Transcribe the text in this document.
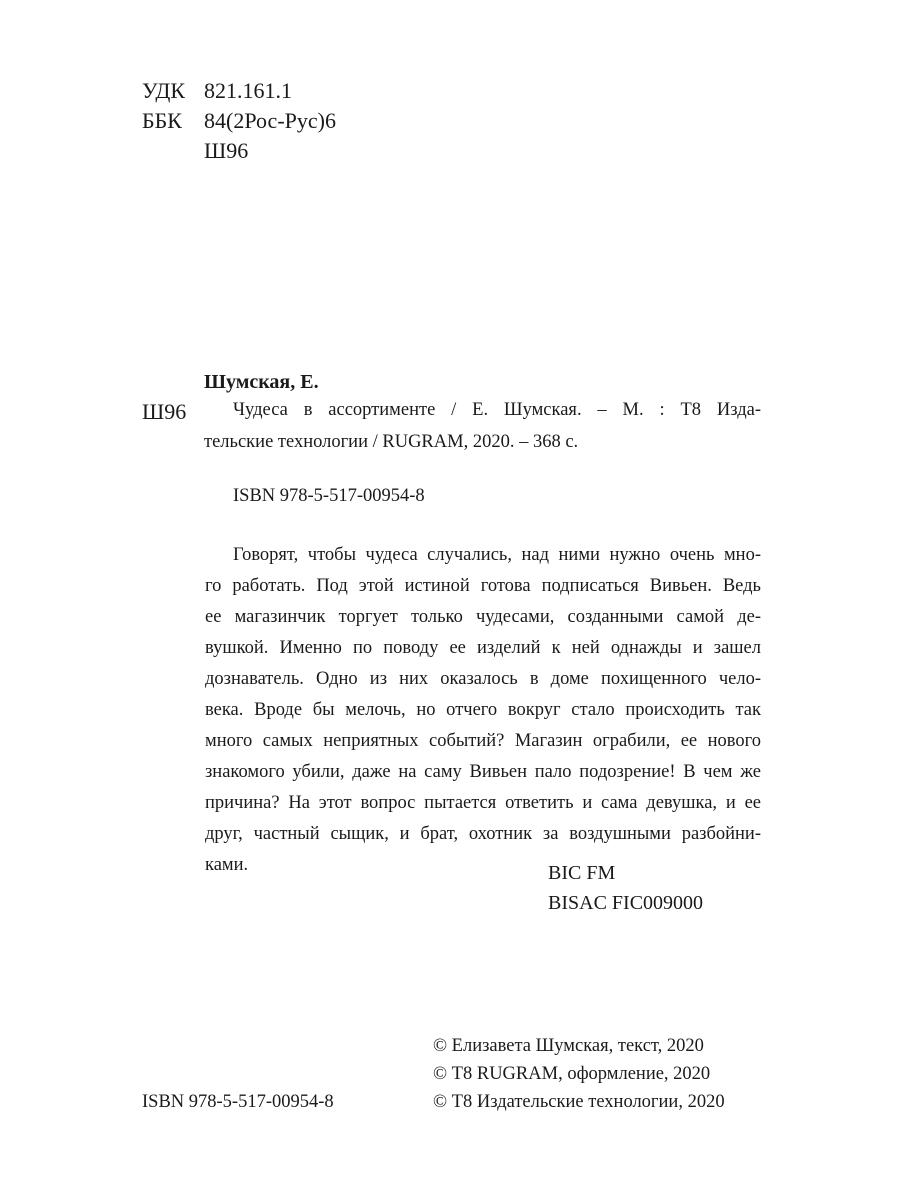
УДК 821.161.1
ББК 84(2Рос-Рус)6
Ш96
Шумская, Е.
Ш96	Чудеса в ассортименте / Е. Шумская. – М. : Т8 Изда-
тельские технологии / RUGRAM, 2020. – 368 с.
ISBN 978-5-517-00954-8
Говорят, чтобы чудеса случались, над ними нужно очень мно-
го работать. Под этой истиной готова подписаться Вивьен. Ведь
ее магазинчик торгует только чудесами, созданными самой де-
вушкой. Именно по поводу ее изделий к ней однажды и зашел
дознаватель. Одно из них оказалось в доме похищенного чело-
века. Вроде бы мелочь, но отчего вокруг стало происходить так
много самых неприятных событий? Магазин ограбили, ее нового
знакомого убили, даже на саму Вивьен пало подозрение! В чем же
причина? На этот вопрос пытается ответить и сама девушка, и ее
друг, частный сыщик, и брат, охотник за воздушными разбойни-
ками.	BIC FM
BISAC FIC009000
© Елизавета Шумская, текст, 2020
© Т8 RUGRAM, оформление, 2020
ISBN 978-5-517-00954-8	© Т8 Издательские технологии, 2020
